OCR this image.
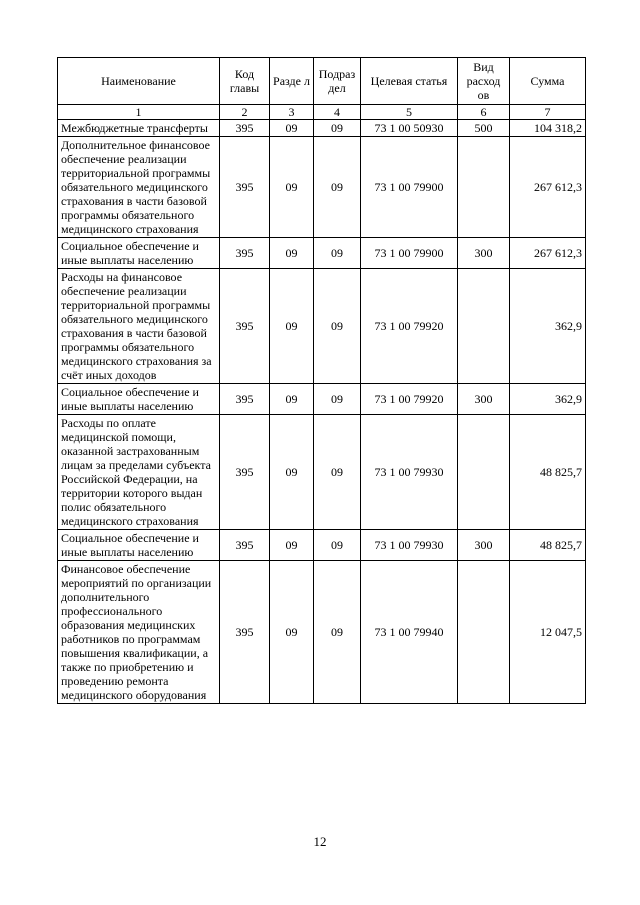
Наименование	Код главы	Разде л	Подраз дел	Целевая статья	Вид расход ов	Сумма
1	2	3	4	5	6	7
Межбюджетные трансферты	395	09	09	73 1 00 50930	500	104 318,2
Дополнительное финансовое обеспечение реализации территориальной программы обязательного медицинского страхования в части базовой программы обязательного медицинского страхования	395	09	09	73 1 00 79900		267 612,3
Социальное обеспечение и иные выплаты населению	395	09	09	73 1 00 79900	300	267 612,3
Расходы на финансовое обеспечение реализации территориальной программы обязательного медицинского страхования в части базовой программы обязательного медицинского страхования за счёт иных доходов	395	09	09	73 1 00 79920		362,9
Социальное обеспечение и иные выплаты населению	395	09	09	73 1 00 79920	300	362,9
Расходы по оплате медицинской помощи, оказанной застрахованным лицам за пределами субъекта Российской Федерации, на территории которого выдан полис обязательного медицинского страхования	395	09	09	73 1 00 79930		48 825,7
Социальное обеспечение и иные выплаты населению	395	09	09	73 1 00 79930	300	48 825,7
Финансовое обеспечение мероприятий по организации дополнительного профессионального образования медицинских работников по программам повышения квалификации, а также по приобретению и проведению ремонта медицинского оборудования	395	09	09	73 1 00 79940		12 047,5
12
